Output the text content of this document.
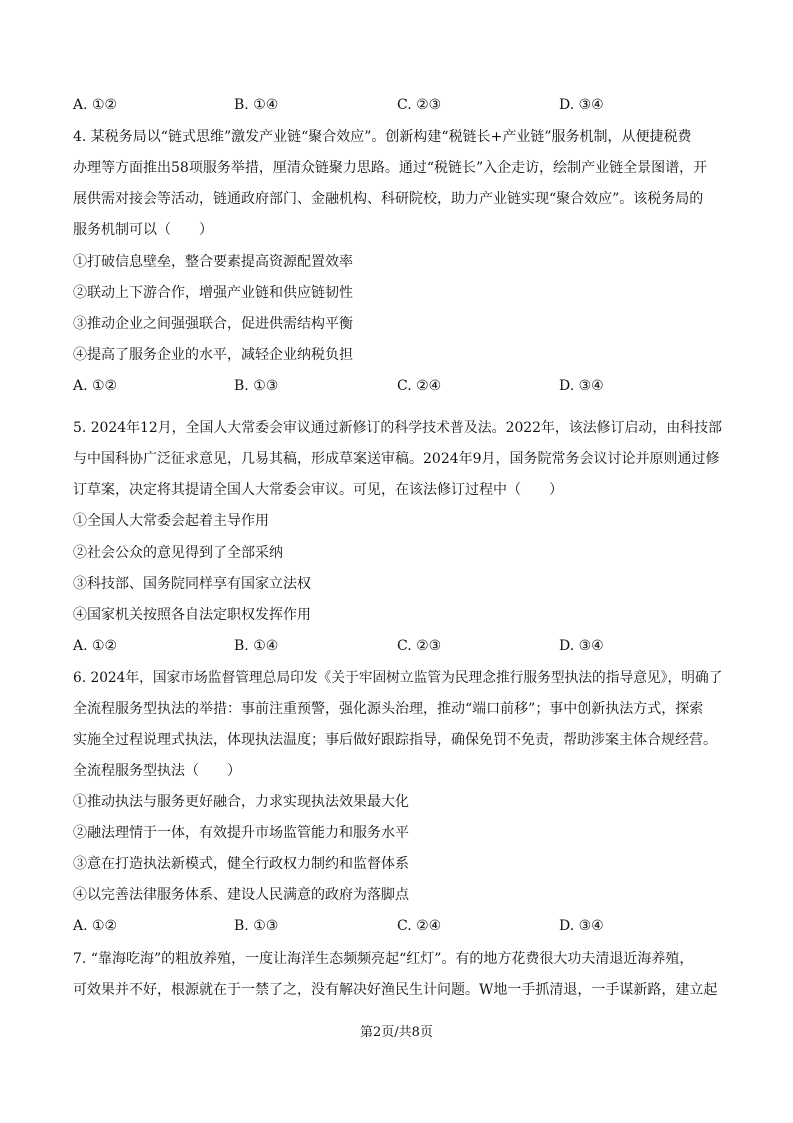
A. ①②	B. ①④	C. ②③	D. ③④
4. 某税务局以“链式思维”激发产业链“聚合效应”。创新构建“税链长+产业链”服务机制，从便捷税费
办理等方面推出58项服务举措，厘清众链聚力思路。通过“税链长”入企走访，绘制产业链全景图谱，开
展供需对接会等活动，链通政府部门、金融机构、科研院校，助力产业链实现“聚合效应”。该税务局的
服务机制可以（　　）
①打破信息壁垒，整合要素提高资源配置效率
②联动上下游合作，增强产业链和供应链韧性
③推动企业之间强强联合，促进供需结构平衡
④提高了服务企业的水平，减轻企业纳税负担
A. ①②	B. ①③	C. ②④	D. ③④
5. 2024年12月，全国人大常委会审议通过新修订的科学技术普及法。2022年，该法修订启动，由科技部
与中国科协广泛征求意见，几易其稿，形成草案送审稿。2024年9月，国务院常务会议讨论并原则通过修
订草案，决定将其提请全国人大常委会审议。可见，在该法修订过程中（　　）
①全国人大常委会起着主导作用
②社会公众的意见得到了全部采纳
③科技部、国务院同样享有国家立法权
④国家机关按照各自法定职权发挥作用
A. ①②	B. ①④	C. ②③	D. ③④
6. 2024年，国家市场监督管理总局印发《关于牢固树立监管为民理念推行服务型执法的指导意见》，明确了
全流程服务型执法的举措：事前注重预警，强化源头治理，推动“端口前移”；事中创新执法方式，探索
实施全过程说理式执法，体现执法温度；事后做好跟踪指导，确保免罚不免责，帮助涉案主体合规经营。
全流程服务型执法（　　）
①推动执法与服务更好融合，力求实现执法效果最大化
②融法理情于一体，有效提升市场监管能力和服务水平
③意在打造执法新模式，健全行政权力制约和监督体系
④以完善法律服务体系、建设人民满意的政府为落脚点
A. ①②	B. ①③	C. ②④	D. ③④
7. “靠海吃海”的粗放养殖，一度让海洋生态频频亮起“红灯”。有的地方花费很大功夫清退近海养殖，
可效果并不好，根源就在于一禁了之，没有解决好渔民生计问题。W地一手抓清退，一手谋新路，建立起
第2页/共8页
